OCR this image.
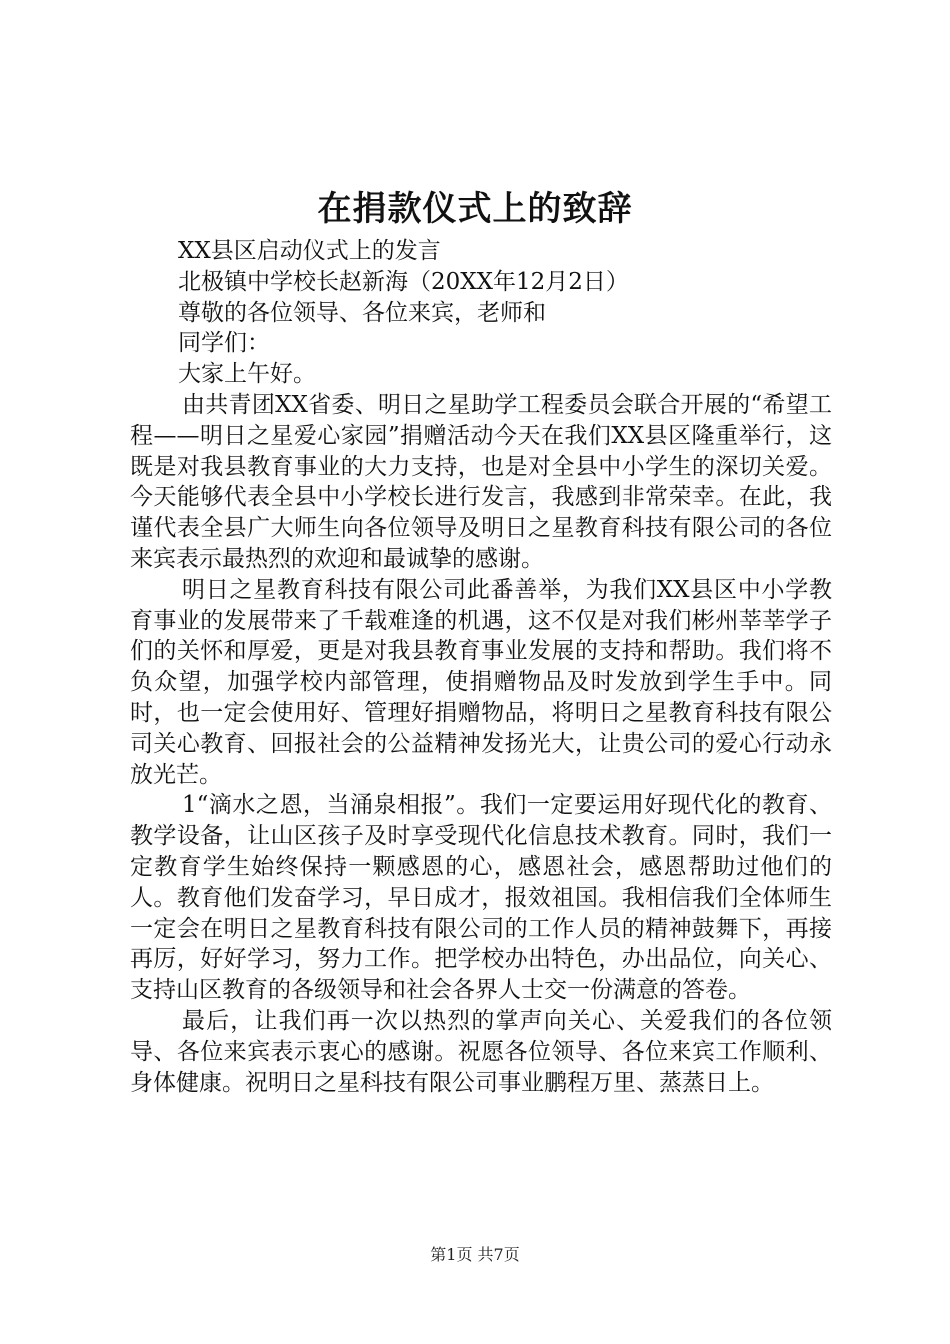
在捐款仪式上的致辞

XX县区启动仪式上的发言

北极镇中学校长赵新海（20XX年12月2日）

尊敬的各位领导、各位来宾，老师和

同学们：

大家上午好。

由共青团XX省委、明日之星助学工程委员会联合开展的“希望工程——明日之星爱心家园”捐赠活动今天在我们XX县区隆重举行，这既是对我县教育事业的大力支持，也是对全县中小学生的深切关爱。今天能够代表全县中小学校长进行发言，我感到非常荣幸。在此，我谨代表全县广大师生向各位领导及明日之星教育科技有限公司的各位来宾表示最热烈的欢迎和最诚挚的感谢。

明日之星教育科技有限公司此番善举，为我们XX县区中小学教育事业的发展带来了千载难逢的机遇，这不仅是对我们彬州莘莘学子们的关怀和厚爱，更是对我县教育事业发展的支持和帮助。我们将不负众望，加强学校内部管理，使捐赠物品及时发放到学生手中。同时，也一定会使用好、管理好捐赠物品，将明日之星教育科技有限公司关心教育、回报社会的公益精神发扬光大，让贵公司的爱心行动永放光芒。

1“滴水之恩，当涌泉相报”。我们一定要运用好现代化的教育、教学设备，让山区孩子及时享受现代化信息技术教育。同时，我们一定教育学生始终保持一颗感恩的心，感恩社会，感恩帮助过他们的人。教育他们发奋学习，早日成才，报效祖国。我相信我们全体师生一定会在明日之星教育科技有限公司的工作人员的精神鼓舞下，再接再厉，好好学习，努力工作。把学校办出特色，办出品位，向关心、支持山区教育的各级领导和社会各界人士交一份满意的答卷。

最后，让我们再一次以热烈的掌声向关心、关爱我们的各位领导、各位来宾表示衷心的感谢。祝愿各位领导、各位来宾工作顺利、身体健康。祝明日之星科技有限公司事业鹏程万里、蒸蒸日上。

第1页 共7页
